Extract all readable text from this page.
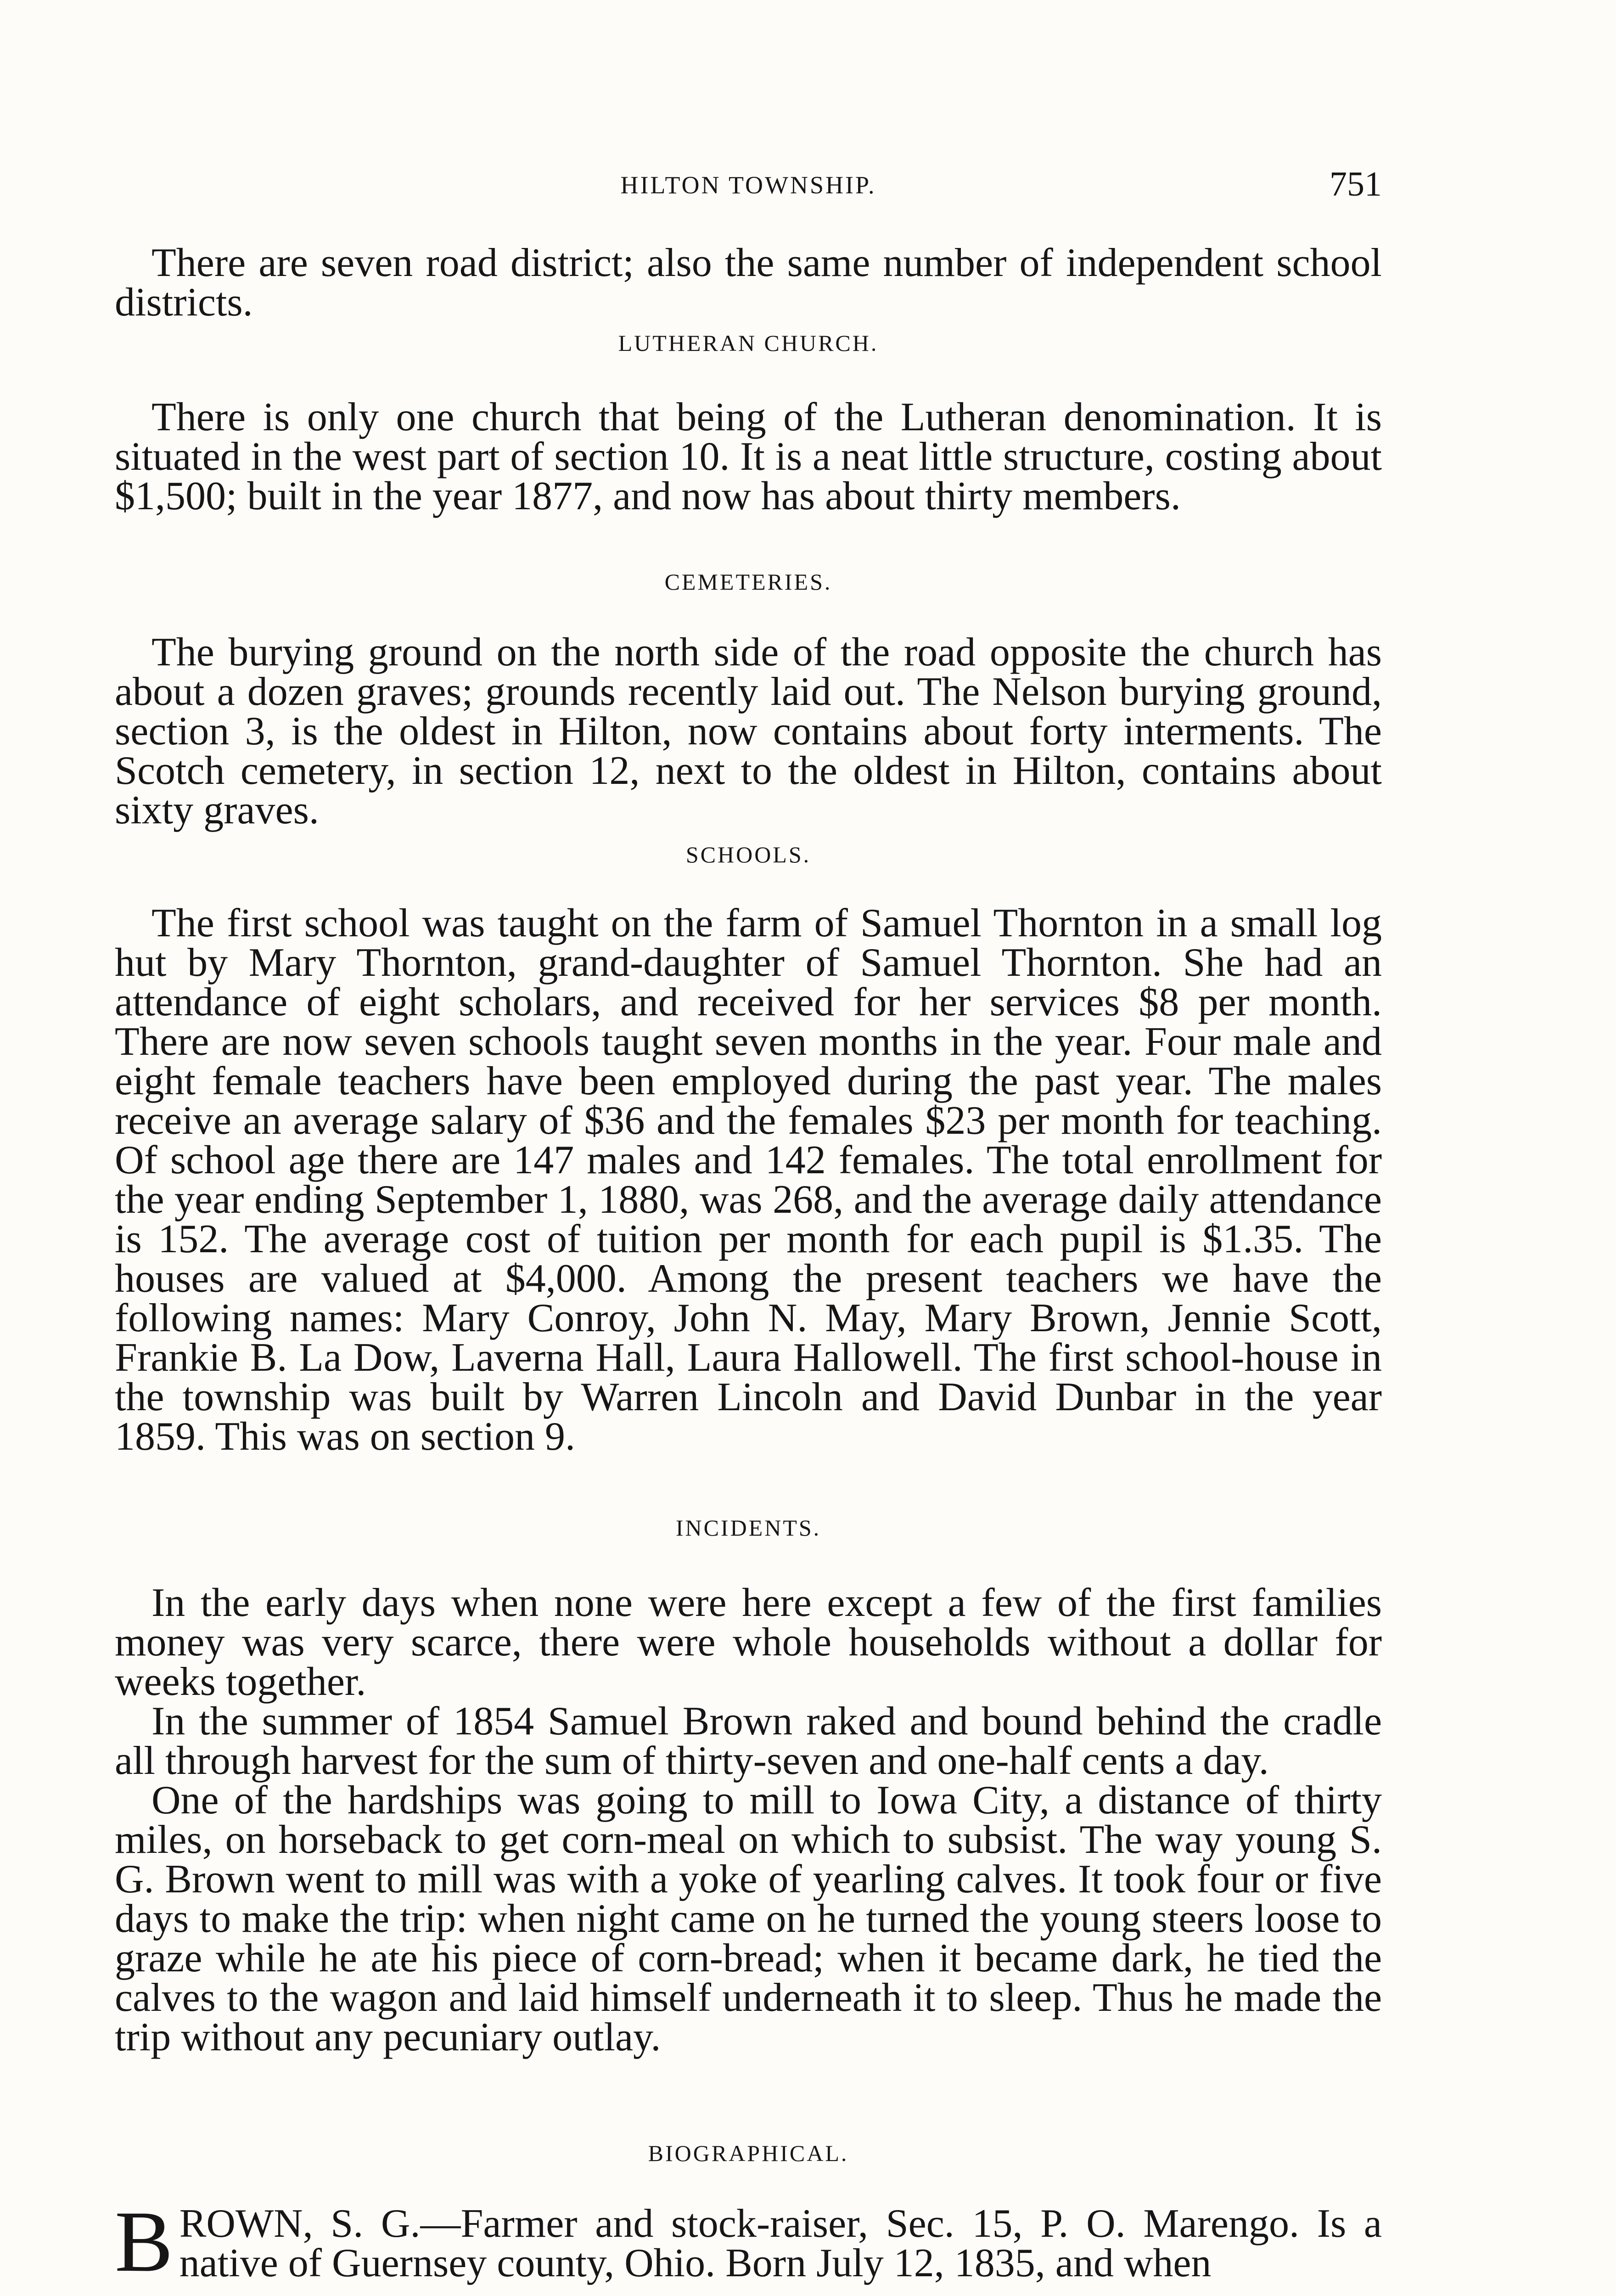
HILTON TOWNSHIP.	751

There are seven road district; also the same number of independent school districts.

LUTHERAN CHURCH.

There is only one church that being of the Lutheran denomination. It is situated in the west part of section 10. It is a neat little structure, costing about $1,500; built in the year 1877, and now has about thirty members.

CEMETERIES.

The burying ground on the north side of the road opposite the church has about a dozen graves; grounds recently laid out. The Nelson burying ground, section 3, is the oldest in Hilton, now contains about forty interments. The Scotch cemetery, in section 12, next to the oldest in Hilton, contains about sixty graves.

SCHOOLS.

The first school was taught on the farm of Samuel Thornton in a small log hut by Mary Thornton, grand-daughter of Samuel Thornton. She had an attendance of eight scholars, and received for her services $8 per month. There are now seven schools taught seven months in the year. Four male and eight female teachers have been employed during the past year. The males receive an average salary of $36 and the females $23 per month for teaching. Of school age there are 147 males and 142 females. The total enrollment for the year ending September 1, 1880, was 268, and the average daily attendance is 152. The average cost of tuition per month for each pupil is $1.35. The houses are valued at $4,000. Among the present teachers we have the following names: Mary Conroy, John N. May, Mary Brown, Jennie Scott, Frankie B. La Dow, Laverna Hall, Laura Hallowell. The first school-house in the township was built by Warren Lincoln and David Dunbar in the year 1859. This was on section 9.

INCIDENTS.

In the early days when none were here except a few of the first families money was very scarce, there were whole households without a dollar for weeks together.

In the summer of 1854 Samuel Brown raked and bound behind the cradle all through harvest for the sum of thirty-seven and one-half cents a day.

One of the hardships was going to mill to Iowa City, a distance of thirty miles, on horseback to get corn-meal on which to subsist. The way young S. G. Brown went to mill was with a yoke of yearling calves. It took four or five days to make the trip: when night came on he turned the young steers loose to graze while he ate his piece of corn-bread; when it became dark, he tied the calves to the wagon and laid himself underneath it to sleep. Thus he made the trip without any pecuniary outlay.

BIOGRAPHICAL.

BROWN, S. G.—Farmer and stock-raiser, Sec. 15, P. O. Marengo. Is a native of Guernsey county, Ohio. Born July 12, 1835, and when
